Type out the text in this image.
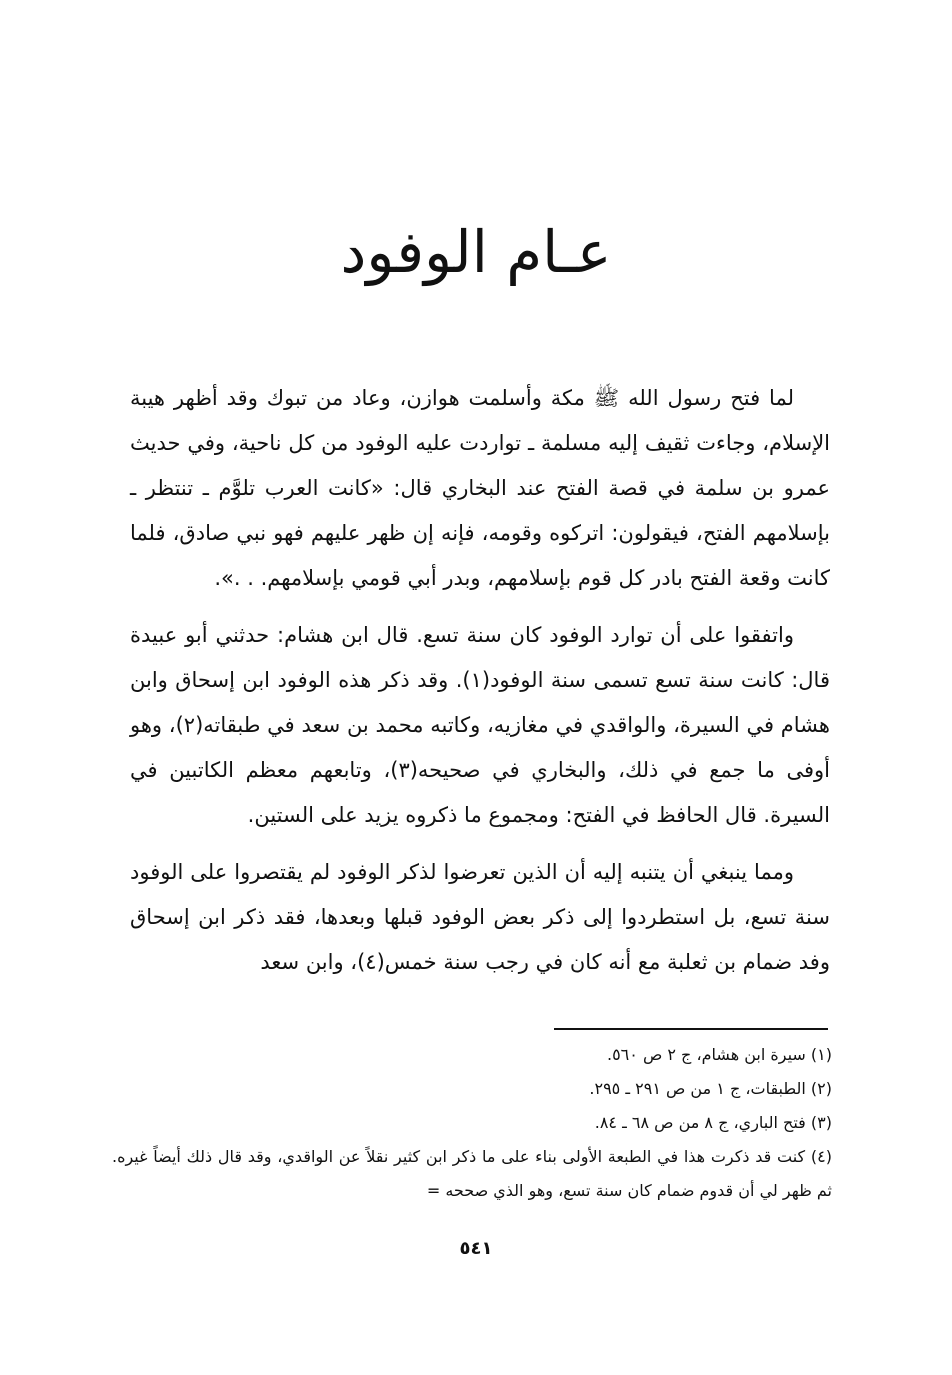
عـام الوفود

لما فتح رسول الله ﷺ مكة وأسلمت هوازن، وعاد من تبوك وقد أظهر هيبة الإسلام، وجاءت ثقيف إليه مسلمة ـ تواردت عليه الوفود من كل ناحية، وفي حديث عمرو بن سلمة في قصة الفتح عند البخاري قال: «كانت العرب تلوَّم ـ تنتظر ـ بإسلامهم الفتح، فيقولون: اتركوه وقومه، فإنه إن ظهر عليهم فهو نبي صادق، فلما كانت وقعة الفتح بادر كل قوم بإسلامهم، وبدر أبي قومي بإسلامهم. . .».

واتفقوا على أن توارد الوفود كان سنة تسع. قال ابن هشام: حدثني أبو عبيدة قال: كانت سنة تسع تسمى سنة الوفود(١). وقد ذكر هذه الوفود ابن إسحاق وابن هشام في السيرة، والواقدي في مغازيه، وكاتبه محمد بن سعد في طبقاته(٢)، وهو أوفى ما جمع في ذلك، والبخاري في صحيحه(٣)، وتابعهم معظم الكاتبين في السيرة. قال الحافظ في الفتح: ومجموع ما ذكروه يزيد على الستين.

ومما ينبغي أن يتنبه إليه أن الذين تعرضوا لذكر الوفود لم يقتصروا على الوفود سنة تسع، بل استطردوا إلى ذكر بعض الوفود قبلها وبعدها، فقد ذكر ابن إسحاق وفد ضمام بن ثعلبة مع أنه كان في رجب سنة خمس(٤)، وابن سعد

(١) سيرة ابن هشام، ج ٢ ص ٥٦٠.

(٢) الطبقات، ج ١ من ص ٢٩١ ـ ٢٩٥.

(٣) فتح الباري، ج ٨ من ص ٦٨ ـ ٨٤.

(٤) كنت قد ذكرت هذا في الطبعة الأولى بناء على ما ذكر ابن كثير نقلاً عن الواقدي، وقد قال ذلك أيضاً غيره. ثم ظهر لي أن قدوم ضمام كان سنة تسع، وهو الذي صححه =

٥٤١
